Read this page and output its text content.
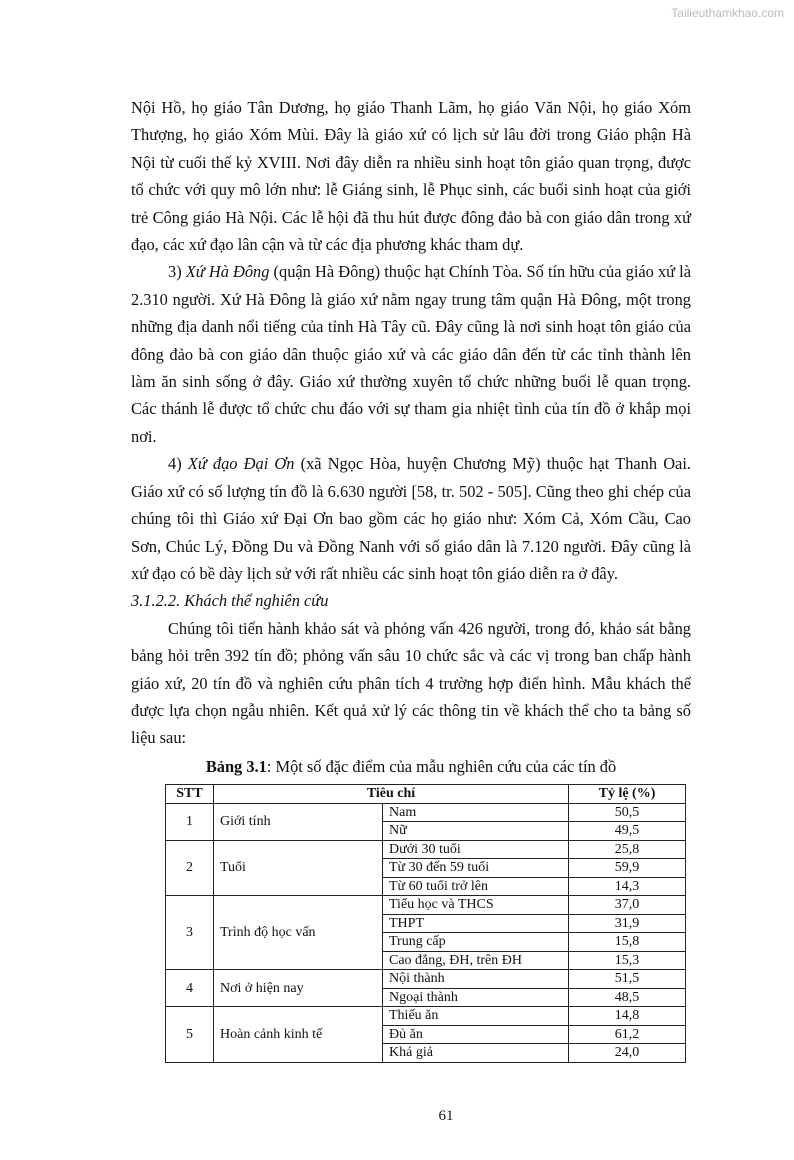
Tailieuthamkhao.com

Nội Hồ, họ giáo Tân Dương, họ giáo Thanh Lãm, họ giáo Văn Nội, họ giáo Xóm Thượng, họ giáo Xóm Mùi. Đây là giáo xứ có lịch sử lâu đời trong Giáo phận Hà Nội từ cuối thế kỷ XVIII. Nơi đây diễn ra nhiều sinh hoạt tôn giáo quan trọng, được tổ chức với quy mô lớn như: lễ Giáng sinh, lễ Phục sinh, các buổi sinh hoạt của giới trẻ Công giáo Hà Nội. Các lễ hội đã thu hút được đông đảo bà con giáo dân trong xứ đạo, các xứ đạo lân cận và từ các địa phương khác tham dự.

3) Xứ Hà Đông (quận Hà Đông) thuộc hạt Chính Tòa. Số tín hữu của giáo xứ là 2.310 người. Xứ Hà Đông là giáo xứ nằm ngay trung tâm quận Hà Đông, một trong những địa danh nổi tiếng của tỉnh Hà Tây cũ. Đây cũng là nơi sinh hoạt tôn giáo của đông đảo bà con giáo dân thuộc giáo xứ và các giáo dân đến từ các tỉnh thành lên làm ăn sinh sống ở đây. Giáo xứ thường xuyên tổ chức những buổi lễ quan trọng. Các thánh lễ được tổ chức chu đáo với sự tham gia nhiệt tình của tín đồ ở khắp mọi nơi.

4) Xứ đạo Đại Ơn (xã Ngọc Hòa, huyện Chương Mỹ) thuộc hạt Thanh Oai. Giáo xứ có số lượng tín đồ là 6.630 người [58, tr. 502 - 505]. Cũng theo ghi chép của chúng tôi thì Giáo xứ Đại Ơn bao gồm các họ giáo như: Xóm Cả, Xóm Cầu, Cao Sơn, Chúc Lý, Đồng Du và Đồng Nanh với số giáo dân là 7.120 người. Đây cũng là xứ đạo có bề dày lịch sử với rất nhiều các sinh hoạt tôn giáo diễn ra ở đây.

3.1.2.2. Khách thể nghiên cứu

Chúng tôi tiến hành khảo sát và phỏng vấn 426 người, trong đó, khảo sát bằng bảng hỏi trên 392 tín đồ; phỏng vấn sâu 10 chức sắc và các vị trong ban chấp hành giáo xứ, 20 tín đồ và nghiên cứu phân tích 4 trường hợp điển hình. Mẫu khách thể được lựa chọn ngẫu nhiên. Kết quả xử lý các thông tin về khách thể cho ta bảng số liệu sau:

Bảng 3.1: Một số đặc điểm của mẫu nghiên cứu của các tín đồ

STT	Tiêu chí		Tỷ lệ (%)
1	Giới tính	Nam	50,5
		Nữ	49,5
2	Tuổi	Dưới 30 tuổi	25,8
		Từ 30 đến 59 tuổi	59,9
		Từ 60 tuổi trở lên	14,3
3	Trình độ học vấn	Tiểu học và THCS	37,0
		THPT	31,9
		Trung cấp	15,8
		Cao đẳng, ĐH, trên ĐH	15,3
4	Nơi ở hiện nay	Nội thành	51,5
		Ngoại thành	48,5
5	Hoàn cảnh kinh tế	Thiếu ăn	14,8
		Đủ ăn	61,2
		Khá giả	24,0
61
